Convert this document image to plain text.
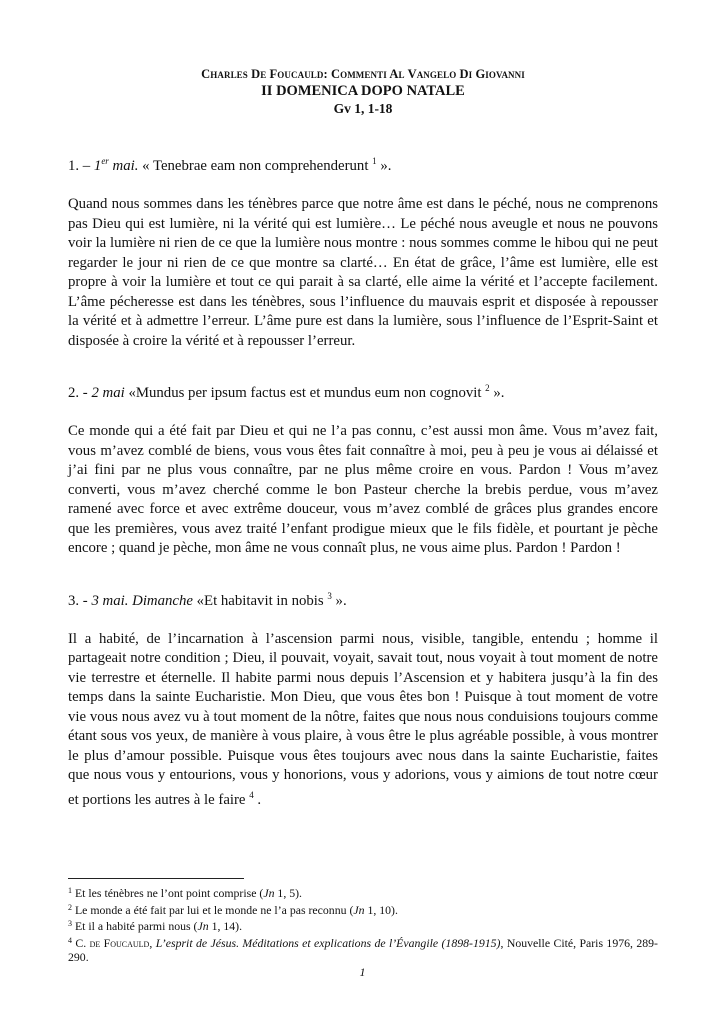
Charles De Foucauld: Commenti Al Vangelo Di Giovanni
II DOMENICA DOPO NATALE
Gv 1, 1-18
1. – 1er mai. « Tenebrae eam non comprehenderunt $^1$ ».
Quand nous sommes dans les ténèbres parce que notre âme est dans le péché, nous ne comprenons pas Dieu qui est lumière, ni la vérité qui est lumière… Le péché nous aveugle et nous ne pouvons voir la lumière ni rien de ce que la lumière nous montre : nous sommes comme le hibou qui ne peut regarder le jour ni rien de ce que montre sa clarté… En état de grâce, l’âme est lumière, elle est propre à voir la lumière et tout ce qui parait à sa clarté, elle aime la vérité et l’accepte facilement. L’âme pécheresse est dans les ténèbres, sous l’influence du mauvais esprit et disposée à repousser la vérité et à admettre l’erreur. L’âme pure est dans la lumière, sous l’influence de l’Esprit-Saint et disposée à croire la vérité et à repousser l’erreur.
2. - 2 mai «Mundus per ipsum factus est et mundus eum non cognovit $^2$ ».
Ce monde qui a été fait par Dieu et qui ne l’a pas connu, c’est aussi mon âme. Vous m’avez fait, vous m’avez comblé de biens, vous vous êtes fait connaître à moi, peu à peu je vous ai délaissé et j’ai fini par ne plus vous connaître, par ne plus même croire en vous. Pardon ! Vous m’avez converti, vous m’avez cherché comme le bon Pasteur cherche la brebis perdue, vous m’avez ramené avec force et avec extrême douceur, vous m’avez comblé de grâces plus grandes encore que les premières, vous avez traité l’enfant prodigue mieux que le fils fidèle, et pourtant je pèche encore ; quand je pèche, mon âme ne vous connaît plus, ne vous aime plus. Pardon ! Pardon !
3. - 3 mai. Dimanche «Et habitavit in nobis $^3$ ».
Il a habité, de l’incarnation à l’ascension parmi nous, visible, tangible, entendu ; homme il partageait notre condition ; Dieu, il pouvait, voyait, savait tout, nous voyait à tout moment de notre vie terrestre et éternelle. Il habite parmi nous depuis l’Ascension et y habitera jusqu’à la fin des temps dans la sainte Eucharistie. Mon Dieu, que vous êtes bon ! Puisque à tout moment de votre vie vous nous avez vu à tout moment de la nôtre, faites que nous nous conduisions toujours comme étant sous vos yeux, de manière à vous plaire, à vous être le plus agréable possible, à vous montrer le plus d’amour possible. Puisque vous êtes toujours avec nous dans la sainte Eucharistie, faites que nous vous y entourions, vous y honorions, vous y adorions, vous y aimions de tout notre cœur et portions les autres à le faire $^4$ .
$^1$ Et les ténèbres ne l’ont point comprise (Jn 1, 5).
$^2$ Le monde a été fait par lui et le monde ne l’a pas reconnu (Jn 1, 10).
$^3$ Et il a habité parmi nous (Jn 1, 14).
$^4$ C. de Foucauld, L’esprit de Jésus. Méditations et explications de l’Évangile (1898-1915), Nouvelle Cité, Paris 1976, 289-290.
1
